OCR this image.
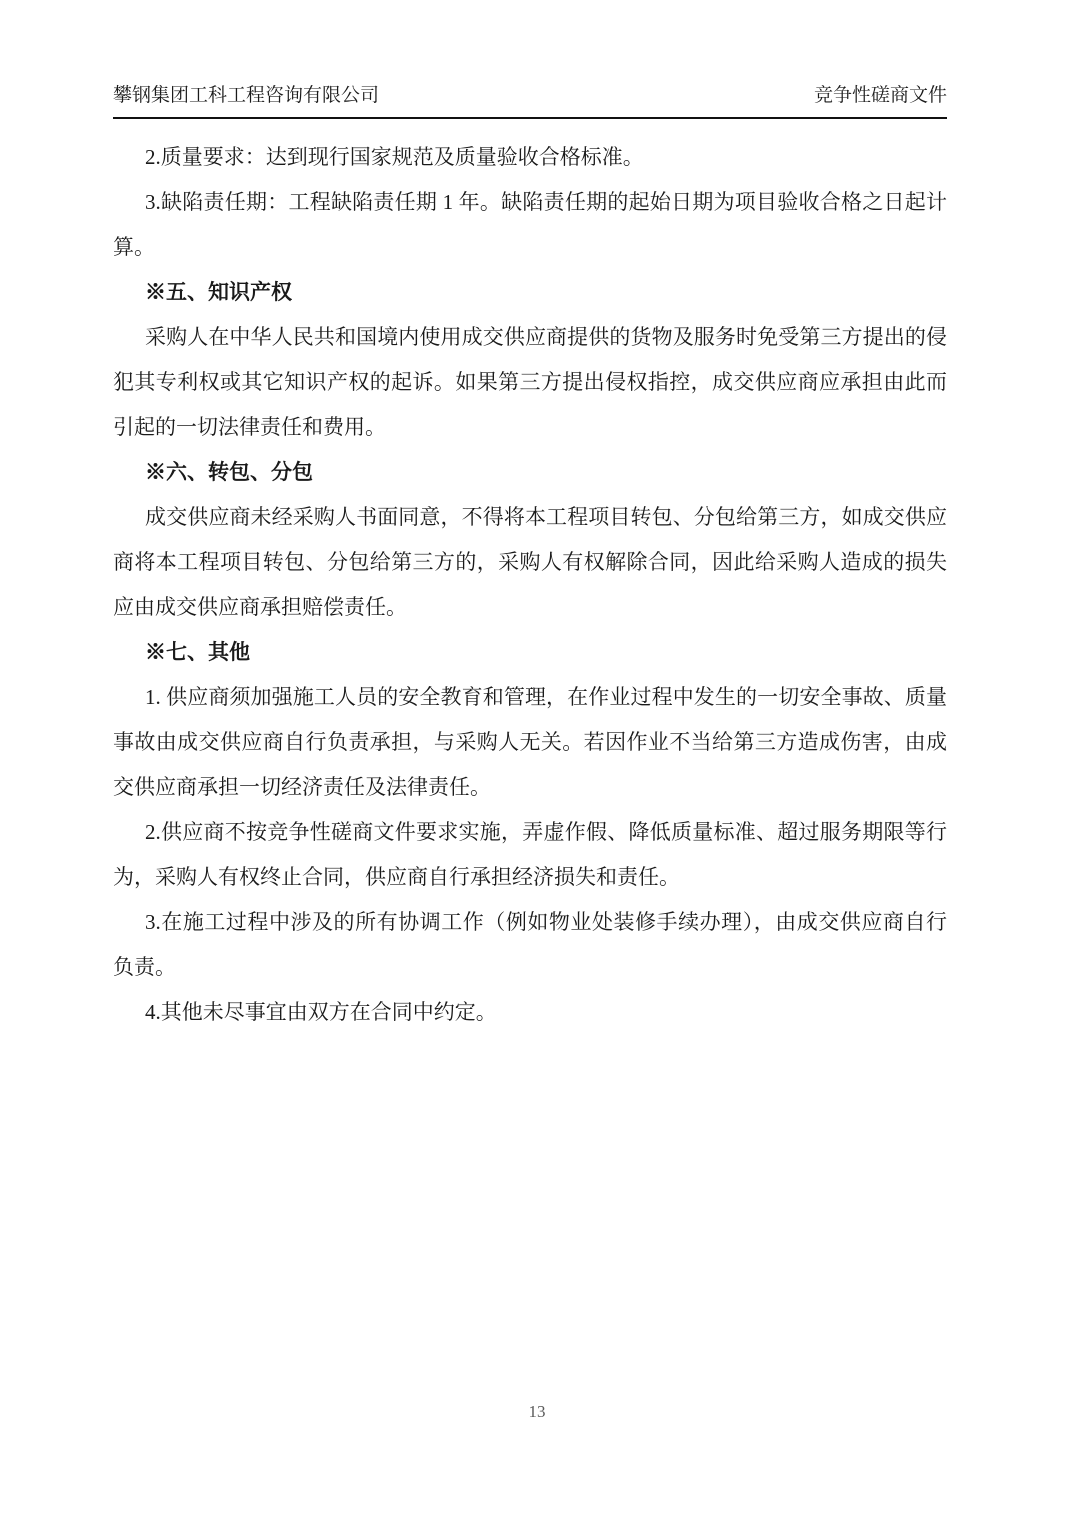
攀钢集团工科工程咨询有限公司	竞争性磋商文件

2.质量要求：达到现行国家规范及质量验收合格标准。

3.缺陷责任期：工程缺陷责任期 1 年。缺陷责任期的起始日期为项目验收合格之日起计算。

※五、知识产权

采购人在中华人民共和国境内使用成交供应商提供的货物及服务时免受第三方提出的侵犯其专利权或其它知识产权的起诉。如果第三方提出侵权指控，成交供应商应承担由此而引起的一切法律责任和费用。

※六、转包、分包

成交供应商未经采购人书面同意，不得将本工程项目转包、分包给第三方，如成交供应商将本工程项目转包、分包给第三方的，采购人有权解除合同，因此给采购人造成的损失应由成交供应商承担赔偿责任。

※七、其他

1. 供应商须加强施工人员的安全教育和管理，在作业过程中发生的一切安全事故、质量事故由成交供应商自行负责承担，与采购人无关。若因作业不当给第三方造成伤害，由成交供应商承担一切经济责任及法律责任。

2.供应商不按竞争性磋商文件要求实施，弄虚作假、降低质量标准、超过服务期限等行为，采购人有权终止合同，供应商自行承担经济损失和责任。

3.在施工过程中涉及的所有协调工作（例如物业处装修手续办理），由成交供应商自行负责。

4.其他未尽事宜由双方在合同中约定。

13
